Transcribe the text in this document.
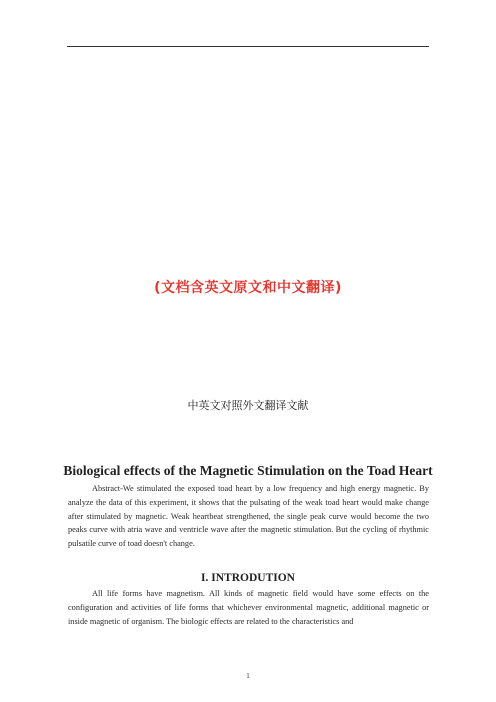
(文档含英文原文和中文翻译)
中英文对照外文翻译文献
Biological effects of the Magnetic Stimulation on the Toad Heart

Abstract-We stimulated the exposed toad heart by a low frequency and high energy magnetic. By analyze the data of this experiment, it shows that the pulsating of the weak toad heart would make change after stimulated by magnetic. Weak heartbeat strengthened, the single peak curve would become the two peaks curve with atria wave and ventricle wave after the magnetic stimulation. But the cycling of rhythmic pulsatile curve of toad doesn't change.

I. INTRODUTION

All life forms have magnetism. All kinds of magnetic field would have some effects on the configuration and activities of life forms that whichever environmental magnetic, additional magnetic or inside magnetic of organism. The biologic effects are related to the characteristics and

1
